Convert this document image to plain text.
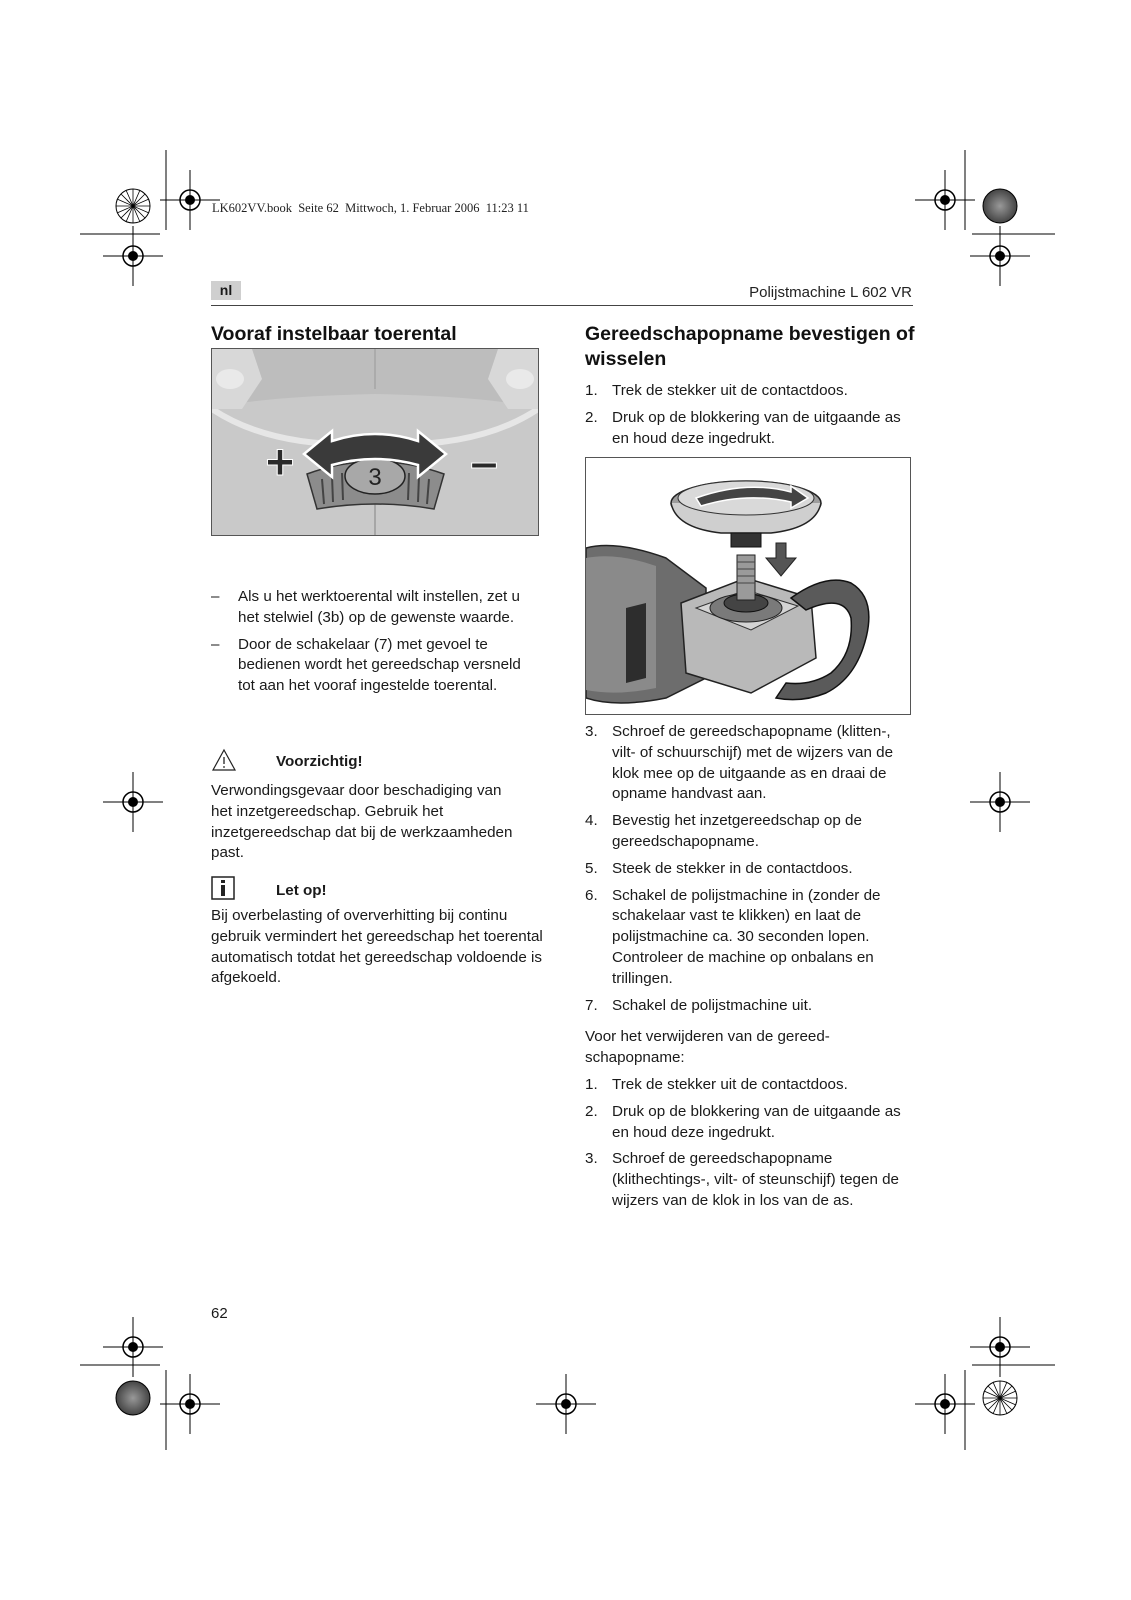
LK602VV.book  Seite 62  Mittwoch, 1. Februar 2006  11:23 11
nl	Polijstmachine L 602 VR
Vooraf instelbaar toerental
3
+	–
– Als u het werktoerental wilt instellen, zet u het stelwiel (3b) op de gewenste waarde.
– Door de schakelaar (7) met gevoel te bedienen wordt het gereedschap versneld tot aan het vooraf ingestelde toerental.
Voorzichtig!
Verwondingsgevaar door beschadiging van het inzetgereedschap. Gebruik het inzetgereedschap dat bij de werkzaamheden past.
Let op!
Bij overbelasting of oververhitting bij continu gebruik vermindert het gereedschap het toerental automatisch totdat het gereedschap voldoende is afgekoeld.
Gereedschapopname bevestigen of wisselen
1. Trek de stekker uit de contactdoos.
2. Druk op de blokkering van de uitgaande as en houd deze ingedrukt.
3. Schroef de gereedschapopname (klitten-, vilt- of schuurschijf) met de wijzers van de klok mee op de uitgaande as en draai de opname handvast aan.
4. Bevestig het inzetgereedschap op de gereedschapopname.
5. Steek de stekker in de contactdoos.
6. Schakel de polijstmachine in (zonder de schakelaar vast te klikken) en laat de polijstmachine ca. 30 seconden lopen. Controleer de machine op onbalans en trillingen.
7. Schakel de polijstmachine uit.
Voor het verwijderen van de gereedschapopname:
1. Trek de stekker uit de contactdoos.
2. Druk op de blokkering van de uitgaande as en houd deze ingedrukt.
3. Schroef de gereedschapopname (klithechtings-, vilt- of steunschijf) tegen de wijzers van de klok in los van de as.
62
